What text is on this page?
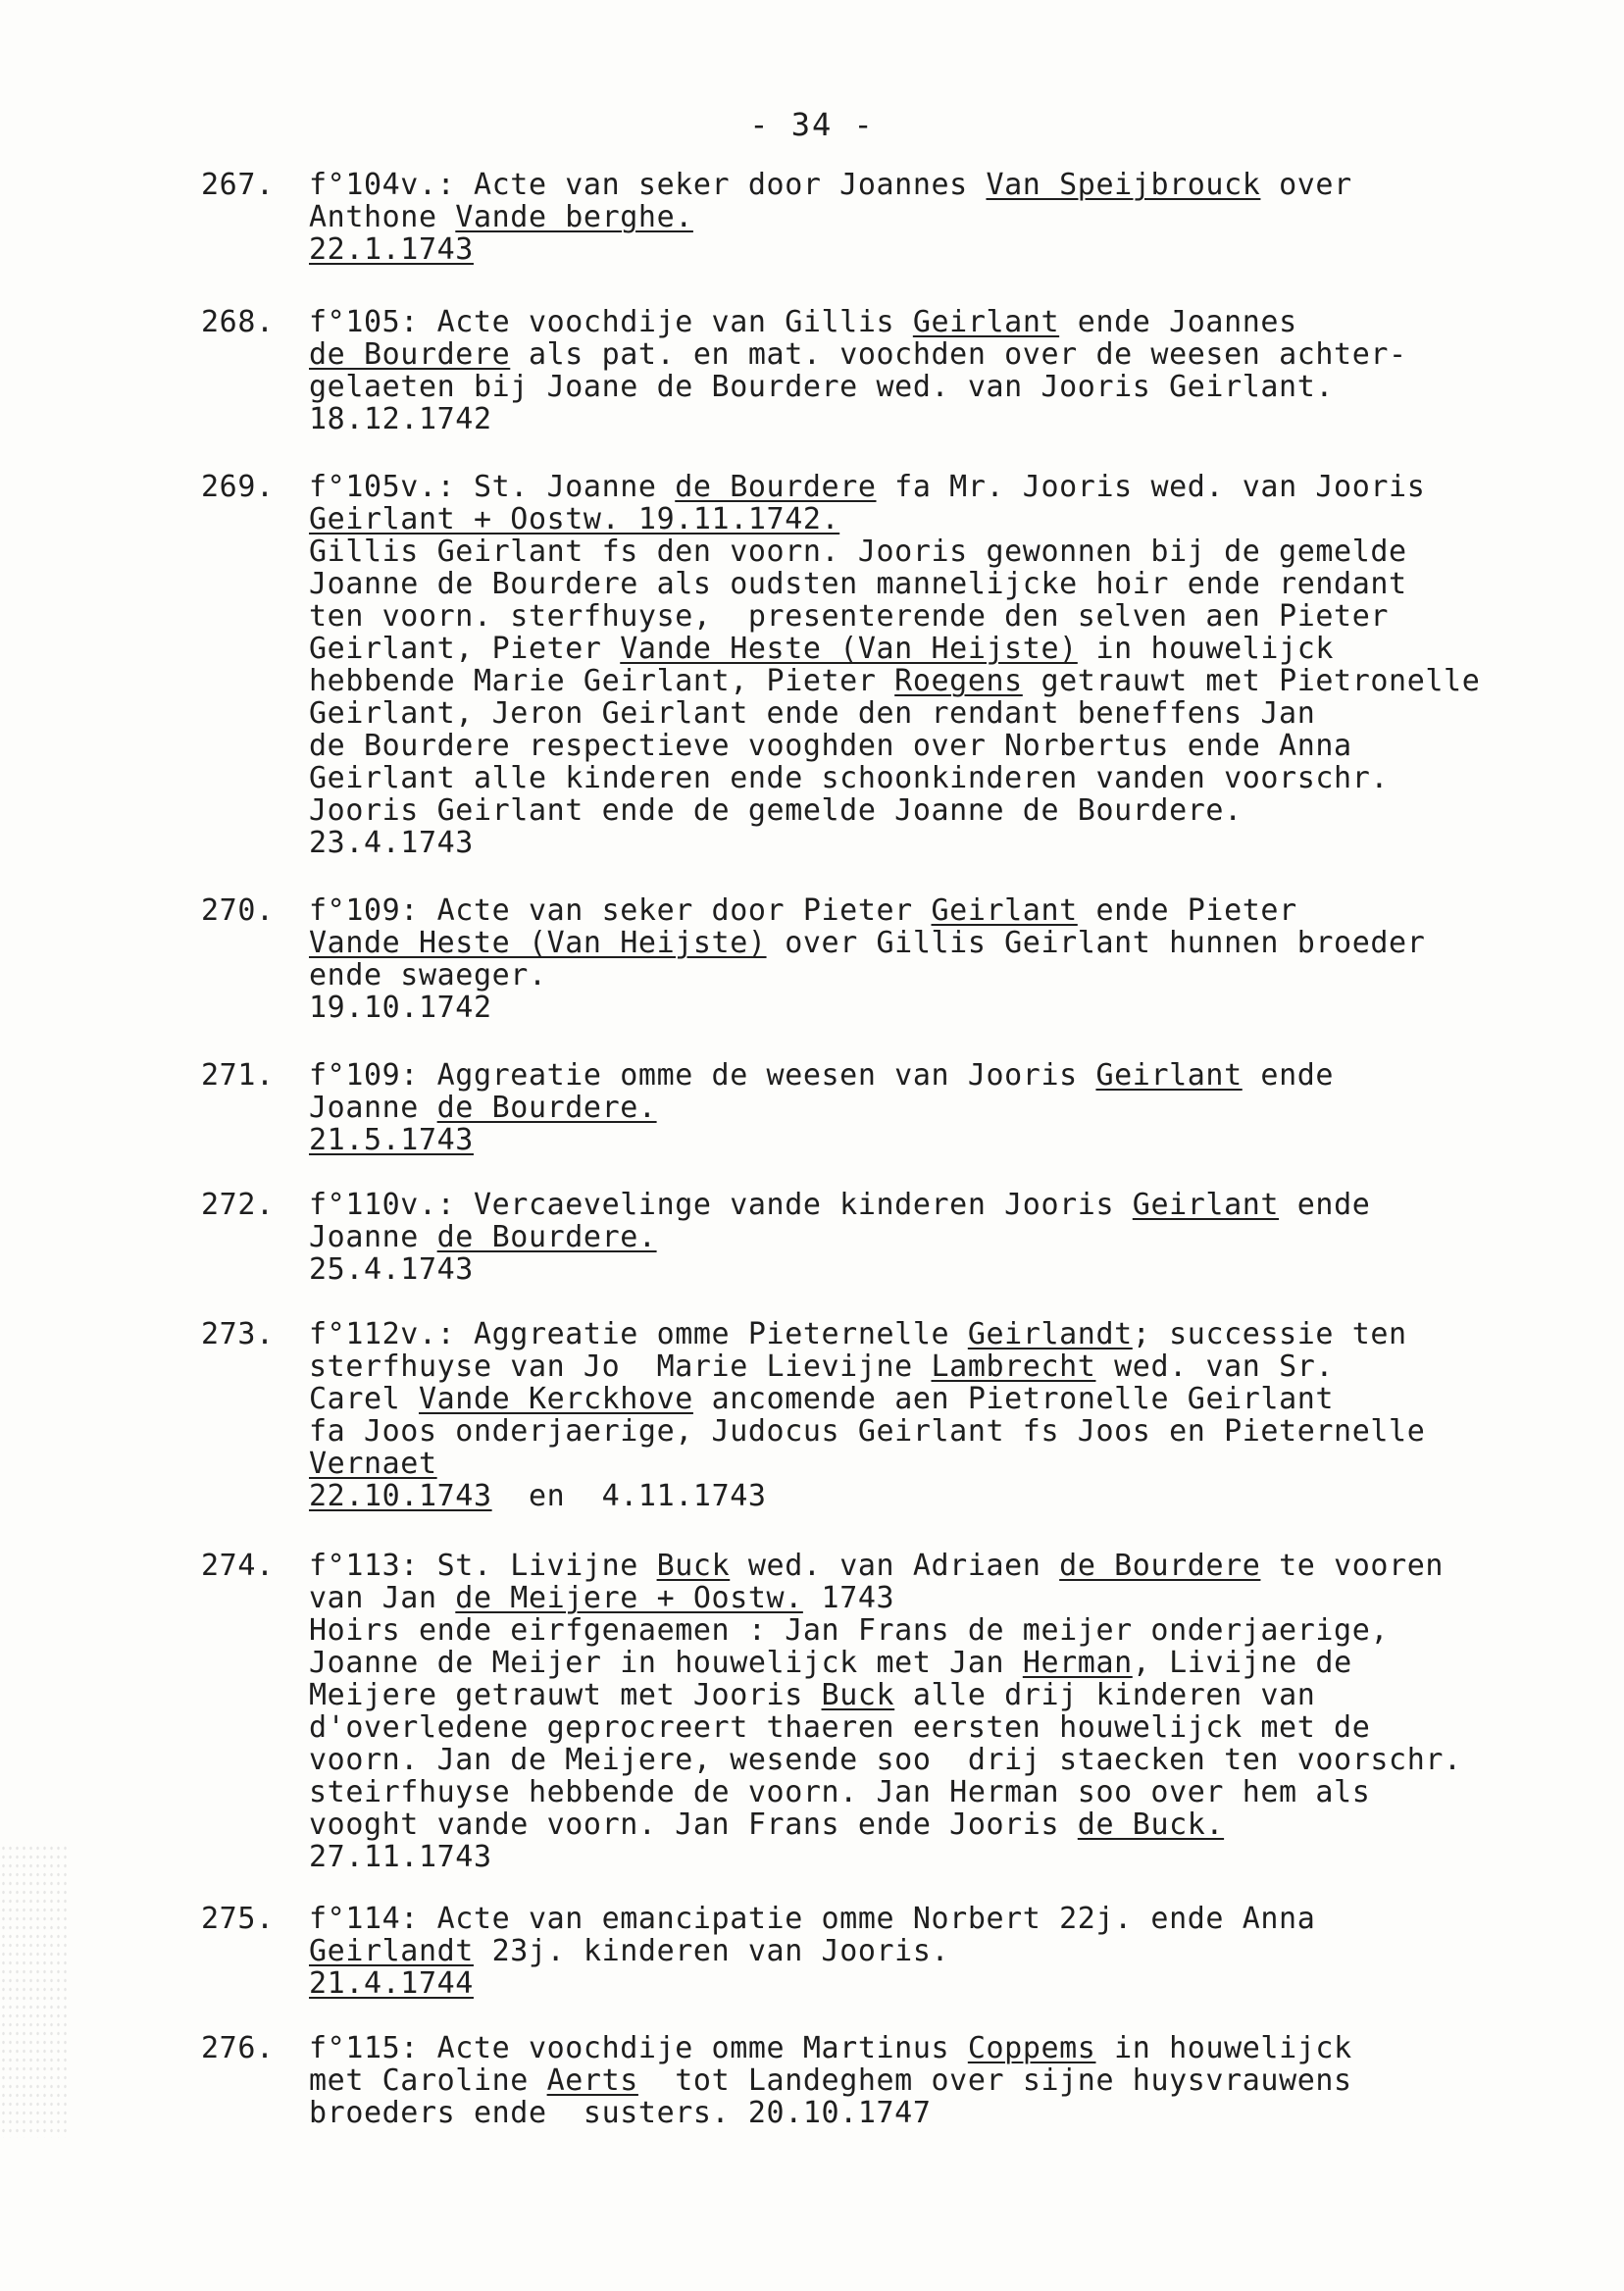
- 34 -
267.	f°104v.: Acte van seker door Joannes Van Speijbrouck over
Anthone Vande berghe.
22.1.1743
268.	f°105: Acte voochdije van Gillis Geirlant ende Joannes
de Bourdere als pat. en mat. voochden over de weesen achter-
gelaeten bij Joane de Bourdere wed. van Jooris Geirlant.
18.12.1742
269.	f°105v.: St. Joanne de Bourdere fa Mr. Jooris wed. van Jooris
Geirlant + Oostw. 19.11.1742.
Gillis Geirlant fs den voorn. Jooris gewonnen bij de gemelde
Joanne de Bourdere als oudsten mannelijcke hoir ende rendant
ten voorn. sterfhuyse,  presenterende den selven aen Pieter
Geirlant, Pieter Vande Heste (Van Heijste) in houwelijck
hebbende Marie Geirlant, Pieter Roegens getrauwt met Pietronelle
Geirlant, Jeron Geirlant ende den rendant beneffens Jan
de Bourdere respectieve vooghden over Norbertus ende Anna
Geirlant alle kinderen ende schoonkinderen vanden voorschr.
Jooris Geirlant ende de gemelde Joanne de Bourdere.
23.4.1743
270.	f°109: Acte van seker door Pieter Geirlant ende Pieter
Vande Heste (Van Heijste) over Gillis Geirlant hunnen broeder
ende swaeger.
19.10.1742
271.	f°109: Aggreatie omme de weesen van Jooris Geirlant ende
Joanne de Bourdere.
21.5.1743
272.	f°110v.: Vercaevelinge vande kinderen Jooris Geirlant ende
Joanne de Bourdere.
25.4.1743
273.	f°112v.: Aggreatie omme Pieternelle Geirlandt; successie ten
sterfhuyse van Jo  Marie Lievijne Lambrecht wed. van Sr.
Carel Vande Kerckhove ancomende aen Pietronelle Geirlant
fa Joos onderjaerige, Judocus Geirlant fs Joos en Pieternelle
Vernaet
22.10.1743  en  4.11.1743
274.	f°113: St. Livijne Buck wed. van Adriaen de Bourdere te vooren
van Jan de Meijere + Oostw. 1743
Hoirs ende eirfgenaemen : Jan Frans de meijer onderjaerige,
Joanne de Meijer in houwelijck met Jan Herman, Livijne de
Meijere getrauwt met Jooris Buck alle drij kinderen van
d'overledene geprocreert thaeren eersten houwelijck met de
voorn. Jan de Meijere, wesende soo  drij staecken ten voorschr.
steirfhuyse hebbende de voorn. Jan Herman soo over hem als
vooght vande voorn. Jan Frans ende Jooris de Buck.
27.11.1743
275.	f°114: Acte van emancipatie omme Norbert 22j. ende Anna
Geirlandt 23j. kinderen van Jooris.
21.4.1744
276.	f°115: Acte voochdije omme Martinus Coppems in houwelijck
met Caroline Aerts  tot Landeghem over sijne huysvrauwens
broeders ende  susters. 20.10.1747
